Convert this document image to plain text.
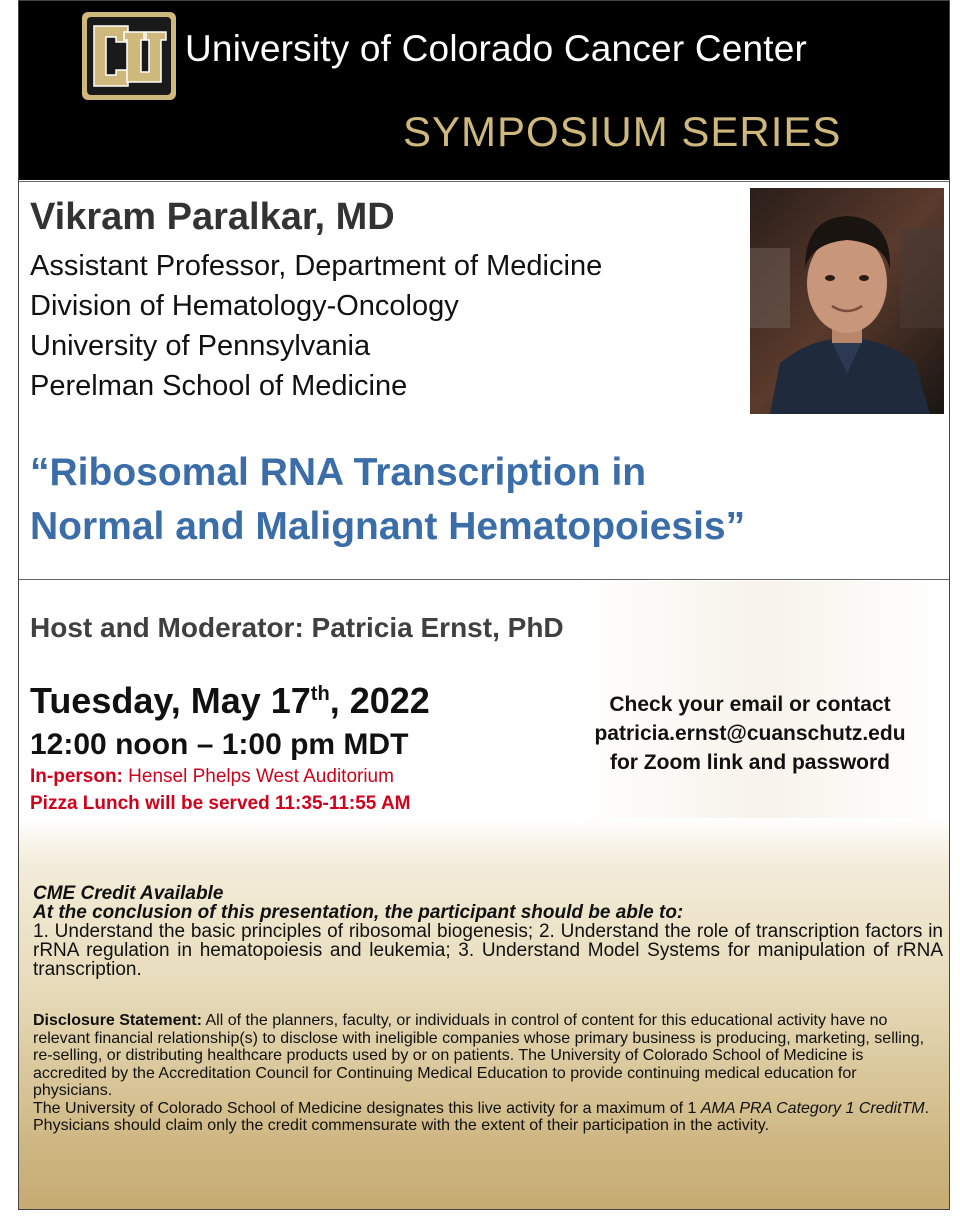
University of Colorado Cancer Center
SYMPOSIUM SERIES
Vikram Paralkar, MD
Assistant Professor, Department of Medicine
Division of Hematology-Oncology
University of Pennsylvania
Perelman School of Medicine
“Ribosomal RNA Transcription in
Normal and Malignant Hematopoiesis”
Host and Moderator: Patricia Ernst, PhD
Tuesday, May 17th, 2022
12:00 noon – 1:00 pm MDT
In-person: Hensel Phelps West Auditorium
Pizza Lunch will be served 11:35-11:55 AM
Check your email or contact
patricia.ernst@cuanschutz.edu
for Zoom link and password
CME Credit Available
At the conclusion of this presentation, the participant should be able to:
1. Understand the basic principles of ribosomal biogenesis; 2. Understand the role of transcription factors in rRNA regulation in hematopoiesis and leukemia; 3. Understand Model Systems for manipulation of rRNA transcription.
Disclosure Statement: All of the planners, faculty, or individuals in control of content for this educational activity have no relevant financial relationship(s) to disclose with ineligible companies whose primary business is producing, marketing, selling, re-selling, or distributing healthcare products used by or on patients. The University of Colorado School of Medicine is accredited by the Accreditation Council for Continuing Medical Education to provide continuing medical education for physicians.
The University of Colorado School of Medicine designates this live activity for a maximum of 1 AMA PRA Category 1 CreditTM. Physicians should claim only the credit commensurate with the extent of their participation in the activity.
